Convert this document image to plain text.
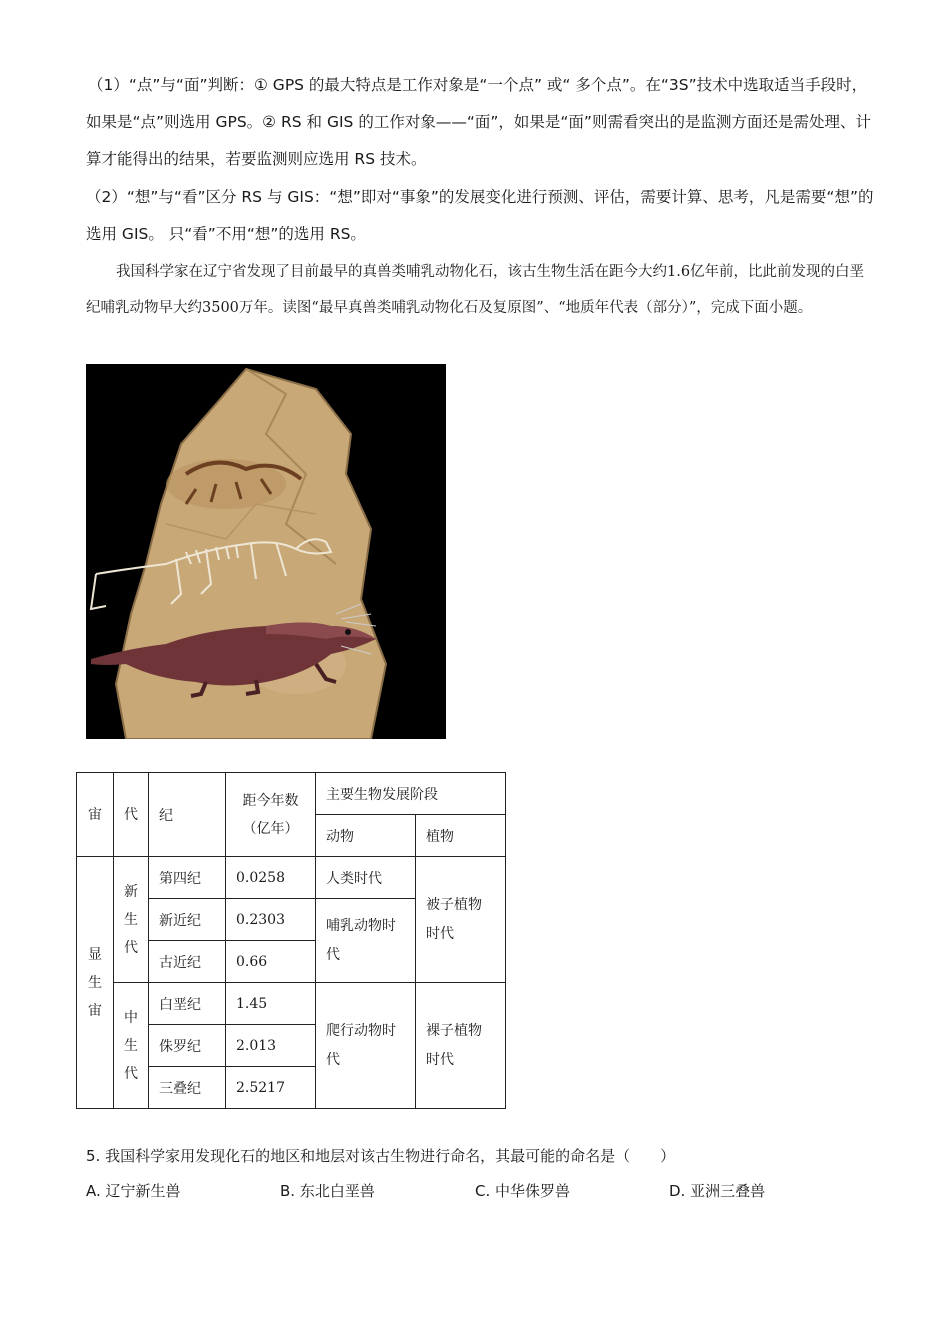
（1）“点”与“面”判断：① GPS 的最大特点是工作对象是“一个点” 或“ 多个点”。在“3S”技术中选取适当手段时，如果是“点”则选用 GPS。② RS 和 GIS 的工作对象——“面”，如果是“面”则需看突出的是监测方面还是需处理、计算才能得出的结果，若要监测则应选用 RS 技术。

（2）“想”与“看”区分 RS 与 GIS：“想”即对“事象”的发展变化进行预测、评估，需要计算、思考，凡是需要“想”的选用 GIS。 只“看”不用“想”的选用 RS。

我国科学家在辽宁省发现了目前最早的真兽类哺乳动物化石，该古生物生活在距今大约1.6亿年前，比此前发现的白垩纪哺乳动物早大约3500万年。读图“最早真兽类哺乳动物化石及复原图”、“地质年代表（部分）”，完成下面小题。

宙	代	纪	距今年数（亿年）	主要生物发展阶段	
				动物	植物
显生宙	新生代	第四纪	0.0258	人类时代	被子植物时代
		新近纪	0.2303	哺乳动物时代	
		古近纪	0.66		
	中生代	白垩纪	1.45	爬行动物时代	裸子植物时代
		侏罗纪	2.013		
		三叠纪	2.5217		

5. 我国科学家用发现化石的地区和地层对该古生物进行命名，其最可能的命名是（　　）

A. 辽宁新生兽	B. 东北白垩兽	C. 中华侏罗兽	D. 亚洲三叠兽
